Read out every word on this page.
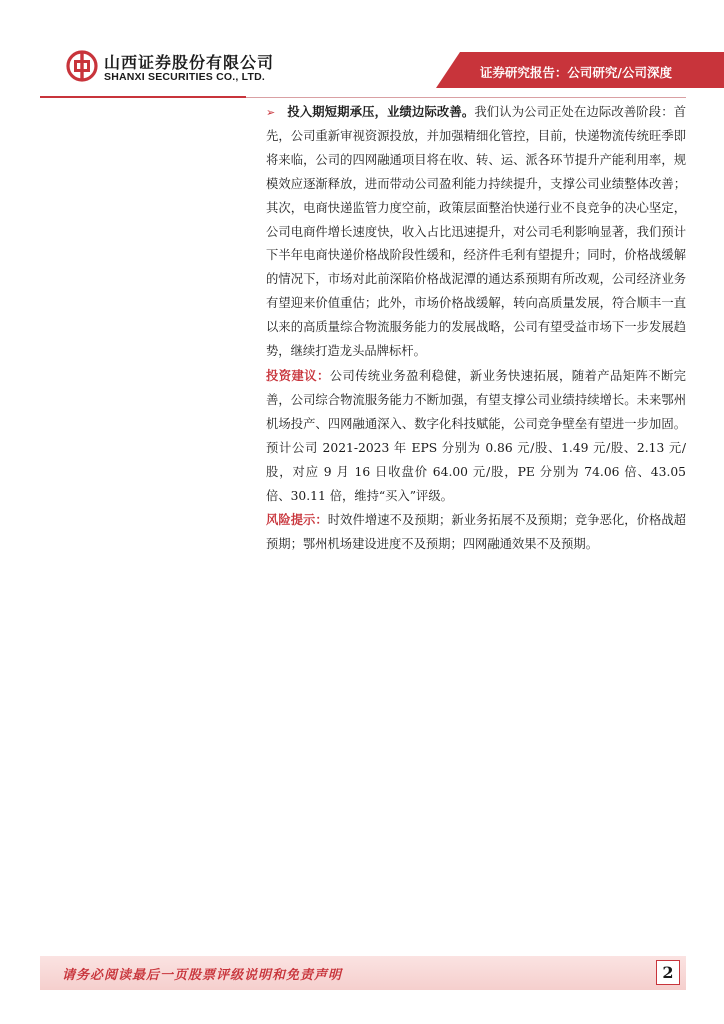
山西证券股份有限公司
SHANXI SECURITIES CO., LTD.	证券研究报告：公司研究/公司深度

➢ 投入期短期承压，业绩边际改善。我们认为公司正处在边际改善阶段：首先，公司重新审视资源投放，并加强精细化管控，目前，快递物流传统旺季即将来临，公司的四网融通项目将在收、转、运、派各环节提升产能利用率，规模效应逐渐释放，进而带动公司盈利能力持续提升，支撑公司业绩整体改善；其次，电商快递监管力度空前，政策层面整治快递行业不良竞争的决心坚定，公司电商件增长速度快，收入占比迅速提升，对公司毛利影响显著，我们预计下半年电商快递价格战阶段性缓和，经济件毛利有望提升；同时，价格战缓解的情况下，市场对此前深陷价格战泥潭的通达系预期有所改观，公司经济业务有望迎来价值重估；此外，市场价格战缓解，转向高质量发展，符合顺丰一直以来的高质量综合物流服务能力的发展战略，公司有望受益市场下一步发展趋势，继续打造龙头品牌标杆。

投资建议：公司传统业务盈利稳健，新业务快速拓展，随着产品矩阵不断完善，公司综合物流服务能力不断加强，有望支撑公司业绩持续增长。未来鄂州机场投产、四网融通深入、数字化科技赋能，公司竞争壁垒有望进一步加固。预计公司 2021-2023 年 EPS 分别为 0.86 元/股、1.49 元/股、2.13 元/股，对应 9 月 16 日收盘价 64.00 元/股，PE 分别为 74.06 倍、43.05 倍、30.11 倍，维持“买入”评级。

风险提示：时效件增速不及预期；新业务拓展不及预期；竞争恶化，价格战超预期；鄂州机场建设进度不及预期；四网融通效果不及预期。

请务必阅读最后一页股票评级说明和免责声明	2
